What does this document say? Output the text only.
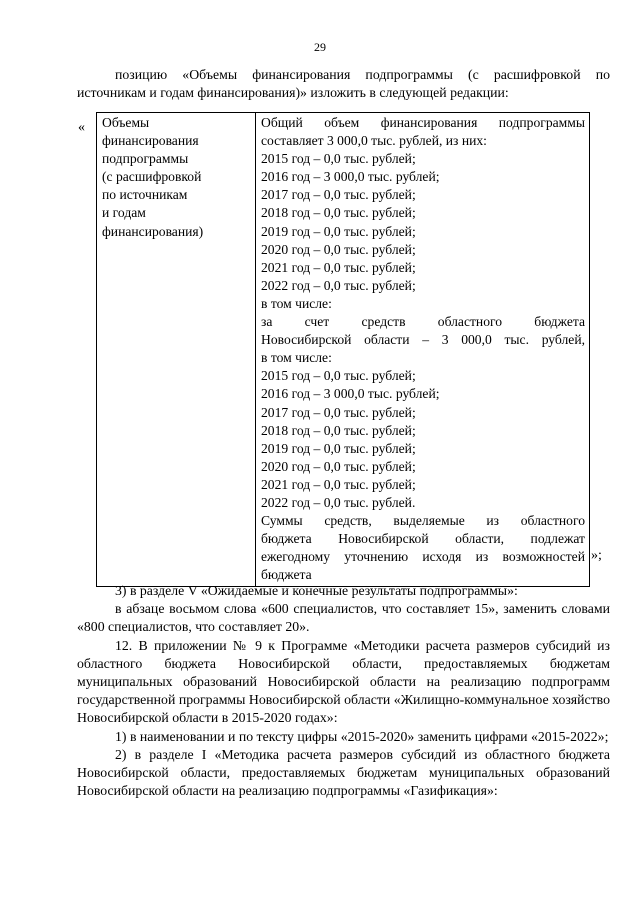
29

позицию «Объемы финансирования подпрограммы (с расшифровкой по источникам и годам финансирования)» изложить в следующей редакции:

« Объемы
финансирования
подпрограммы
(с расшифровкой
по источникам
и годам
финансирования)

Общий объем финансирования подпрограммы
составляет 3 000,0 тыс. рублей, из них:
2015 год – 0,0 тыс. рублей;
2016 год – 3 000,0 тыс. рублей;
2017 год – 0,0 тыс. рублей;
2018 год – 0,0 тыс. рублей;
2019 год – 0,0 тыс. рублей;
2020 год – 0,0 тыс. рублей;
2021 год – 0,0 тыс. рублей;
2022 год – 0,0 тыс. рублей;
в том числе:
за счет средств областного бюджета
Новосибирской области – 3 000,0 тыс. рублей,
в том числе:
2015 год – 0,0 тыс. рублей;
2016 год – 3 000,0 тыс. рублей;
2017 год – 0,0 тыс. рублей;
2018 год – 0,0 тыс. рублей;
2019 год – 0,0 тыс. рублей;
2020 год – 0,0 тыс. рублей;
2021 год – 0,0 тыс. рублей;
2022 год – 0,0 тыс. рублей.
Суммы средств, выделяемые из областного
бюджета Новосибирской области, подлежат
ежегодному уточнению исходя из возможностей
бюджета
»;

3) в разделе V «Ожидаемые и конечные результаты подпрограммы»:

в абзаце восьмом слова «600 специалистов, что составляет 15», заменить словами «800 специалистов, что составляет 20».

12. В приложении № 9 к Программе «Методики расчета размеров субсидий из областного бюджета Новосибирской области, предоставляемых бюджетам муниципальных образований Новосибирской области на реализацию подпрограмм государственной программы Новосибирской области «Жилищно-коммунальное хозяйство Новосибирской области в 2015-2020 годах»:

1) в наименовании и по тексту цифры «2015-2020» заменить цифрами «2015-2022»;

2) в разделе I «Методика расчета размеров субсидий из областного бюджета Новосибирской области, предоставляемых бюджетам муниципальных образований Новосибирской области на реализацию подпрограммы «Газификация»:
